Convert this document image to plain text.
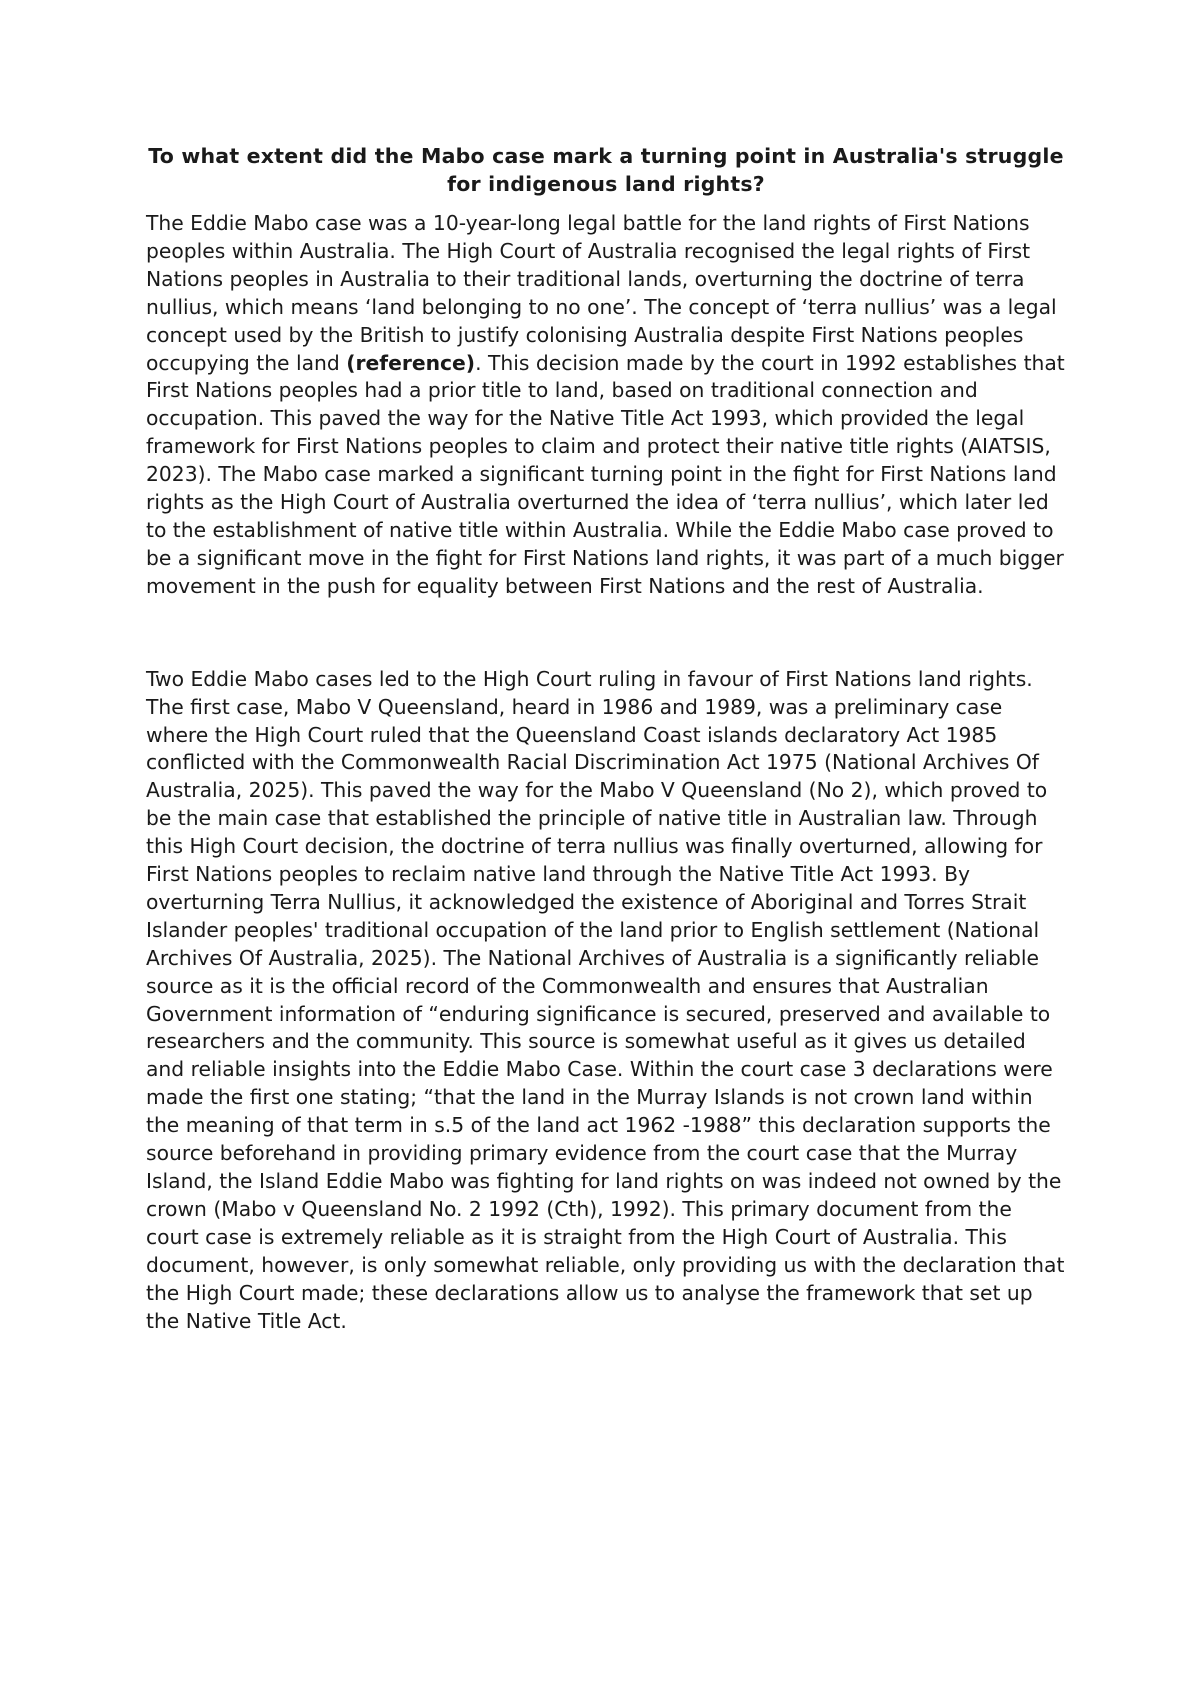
To what extent did the Mabo case mark a turning point in Australia's struggle for indigenous land rights?

The Eddie Mabo case was a 10-year-long legal battle for the land rights of First Nations peoples within Australia. The High Court of Australia recognised the legal rights of First Nations peoples in Australia to their traditional lands, overturning the doctrine of terra nullius, which means ‘land belonging to no one’. The concept of ‘terra nullius’ was a legal concept used by the British to justify colonising Australia despite First Nations peoples occupying the land (reference). This decision made by the court in 1992 establishes that First Nations peoples had a prior title to land, based on traditional connection and occupation. This paved the way for the Native Title Act 1993, which provided the legal framework for First Nations peoples to claim and protect their native title rights (AIATSIS, 2023). The Mabo case marked a significant turning point in the fight for First Nations land rights as the High Court of Australia overturned the idea of ‘terra nullius’, which later led to the establishment of native title within Australia. While the Eddie Mabo case proved to be a significant move in the fight for First Nations land rights, it was part of a much bigger movement in the push for equality between First Nations and the rest of Australia.

Two Eddie Mabo cases led to the High Court ruling in favour of First Nations land rights. The first case, Mabo V Queensland, heard in 1986 and 1989, was a preliminary case where the High Court ruled that the Queensland Coast islands declaratory Act 1985 conflicted with the Commonwealth Racial Discrimination Act 1975 (National Archives Of Australia, 2025). This paved the way for the Mabo V Queensland (No 2), which proved to be the main case that established the principle of native title in Australian law. Through this High Court decision, the doctrine of terra nullius was finally overturned, allowing for First Nations peoples to reclaim native land through the Native Title Act 1993. By overturning Terra Nullius, it acknowledged the existence of Aboriginal and Torres Strait Islander peoples' traditional occupation of the land prior to English settlement (National Archives Of Australia, 2025). The National Archives of Australia is a significantly reliable source as it is the official record of the Commonwealth and ensures that Australian Government information of “enduring significance is secured, preserved and available to researchers and the community. This source is somewhat useful as it gives us detailed and reliable insights into the Eddie Mabo Case. Within the court case 3 declarations were made the first one stating; “that the land in the Murray Islands is not crown land within the meaning of that term in s.5 of the land act 1962 -1988” this declaration supports the source beforehand in providing primary evidence from the court case that the Murray Island, the Island Eddie Mabo was fighting for land rights on was indeed not owned by the crown (Mabo v Queensland No. 2 1992 (Cth), 1992). This primary document from the court case is extremely reliable as it is straight from the High Court of Australia. This document, however, is only somewhat reliable, only providing us with the declaration that the High Court made; these declarations allow us to analyse the framework that set up the Native Title Act.
